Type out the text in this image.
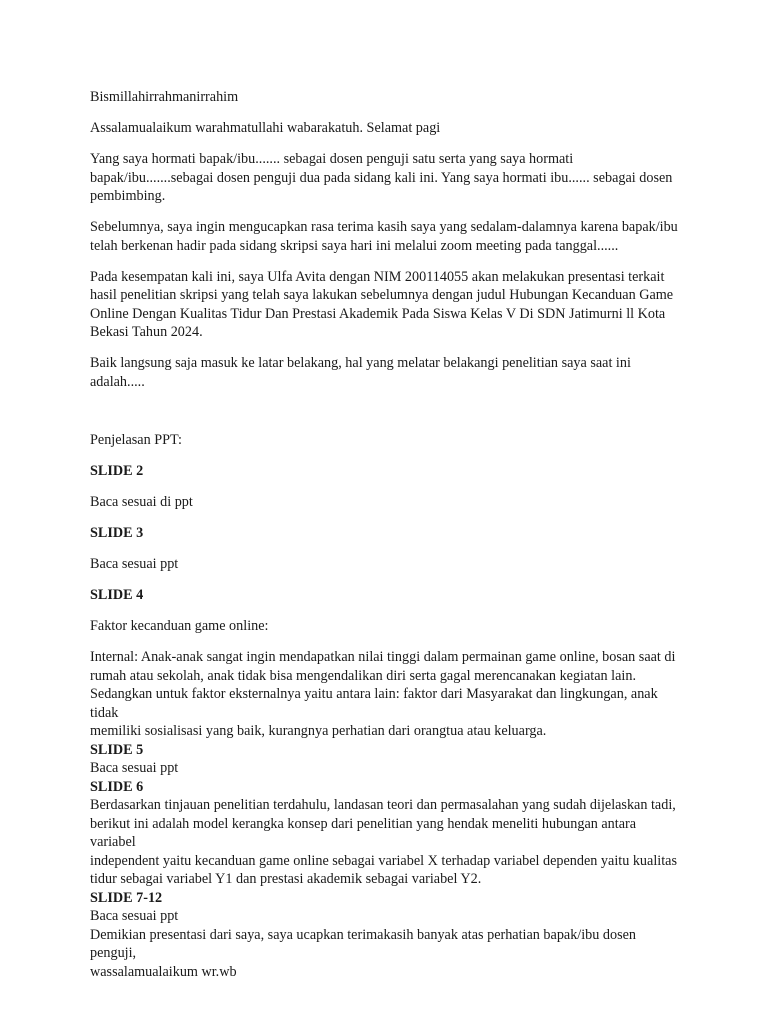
Bismillahirrahmanirrahim

Assalamualaikum warahmatullahi wabarakatuh. Selamat pagi

Yang saya hormati bapak/ibu....... sebagai dosen penguji satu serta yang saya hormati
bapak/ibu.......sebagai dosen penguji dua pada sidang kali ini. Yang saya hormati ibu...... sebagai dosen
pembimbing.

Sebelumnya, saya ingin mengucapkan rasa terima kasih saya yang sedalam-dalamnya karena bapak/ibu
telah berkenan hadir pada sidang skripsi saya hari ini melalui zoom meeting pada tanggal......

Pada kesempatan kali ini, saya Ulfa Avita dengan NIM 200114055 akan melakukan presentasi terkait
hasil penelitian skripsi yang telah saya lakukan sebelumnya dengan judul Hubungan Kecanduan Game
Online Dengan Kualitas Tidur Dan Prestasi Akademik Pada Siswa Kelas V Di SDN Jatimurni ll Kota
Bekasi Tahun 2024.

Baik langsung saja masuk ke latar belakang, hal yang melatar belakangi penelitian saya saat ini adalah.....

Penjelasan PPT:

SLIDE 2

Baca sesuai di ppt

SLIDE 3

Baca sesuai ppt

SLIDE 4

Faktor kecanduan game online:

Internal: Anak-anak sangat ingin mendapatkan nilai tinggi dalam permainan game online, bosan saat di
rumah atau sekolah, anak tidak bisa mengendalikan diri serta gagal merencanakan kegiatan lain.
Sedangkan untuk faktor eksternalnya yaitu antara lain: faktor dari Masyarakat dan lingkungan, anak tidak
memiliki sosialisasi yang baik, kurangnya perhatian dari orangtua atau keluarga.

SLIDE 5

Baca sesuai ppt

SLIDE 6

Berdasarkan tinjauan penelitian terdahulu, landasan teori dan permasalahan yang sudah dijelaskan tadi,
berikut ini adalah model kerangka konsep dari penelitian yang hendak meneliti hubungan antara variabel
independent yaitu kecanduan game online sebagai variabel X terhadap variabel dependen yaitu kualitas
tidur sebagai variabel Y1 dan prestasi akademik sebagai variabel Y2.

SLIDE 7-12

Baca sesuai ppt

Demikian presentasi dari saya, saya ucapkan terimakasih banyak atas perhatian bapak/ibu dosen penguji,
wassalamualaikum wr.wb
